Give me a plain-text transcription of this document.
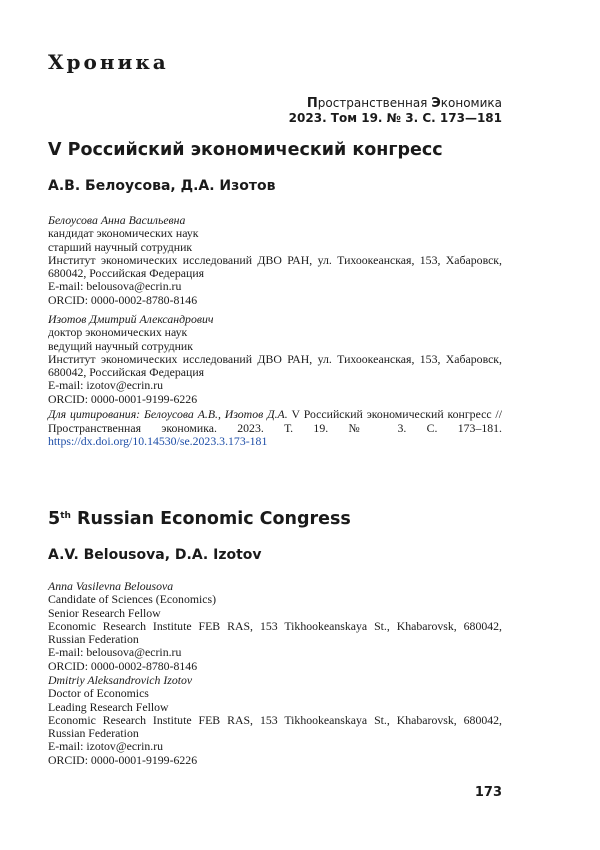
Хроника
Пространственная Экономика
2023. Том 19. № 3. С. 173—181
V Российский экономический конгресс
А.В. Белоусова, Д.А. Изотов
Белоусова Анна Васильевна
кандидат экономических наук
старший научный сотрудник
Институт экономических исследований ДВО РАН, ул. Тихоокеанская, 153, Хабаровск,
680042, Российская Федерация
E-mail: belousova@ecrin.ru
ORCID: 0000-0002-8780-8146
Изотов Дмитрий Александрович
доктор экономических наук
ведущий научный сотрудник
Институт экономических исследований ДВО РАН, ул. Тихоокеанская, 153, Хабаровск,
680042, Российская Федерация
E-mail: izotov@ecrin.ru
ORCID: 0000-0001-9199-6226
Для цитирования: Белоусова А.В., Изотов Д.А. V Российский экономический конгресс // Пространственная экономика. 2023. Т. 19. № 3. С. 173–181. https://dx.doi.org/10.14530/se.2023.3.173-181
5th Russian Economic Congress
A.V. Belousova, D.A. Izotov
Anna Vasilevna Belousova
Candidate of Sciences (Economics)
Senior Research Fellow
Economic Research Institute FEB RAS, 153 Tikhookeanskaya St., Khabarovsk, 680042,
Russian Federation
E-mail: belousova@ecrin.ru
ORCID: 0000-0002-8780-8146
Dmitriy Aleksandrovich Izotov
Doctor of Economics
Leading Research Fellow
Economic Research Institute FEB RAS, 153 Tikhookeanskaya St., Khabarovsk, 680042,
Russian Federation
E-mail: izotov@ecrin.ru
ORCID: 0000-0001-9199-6226
173
